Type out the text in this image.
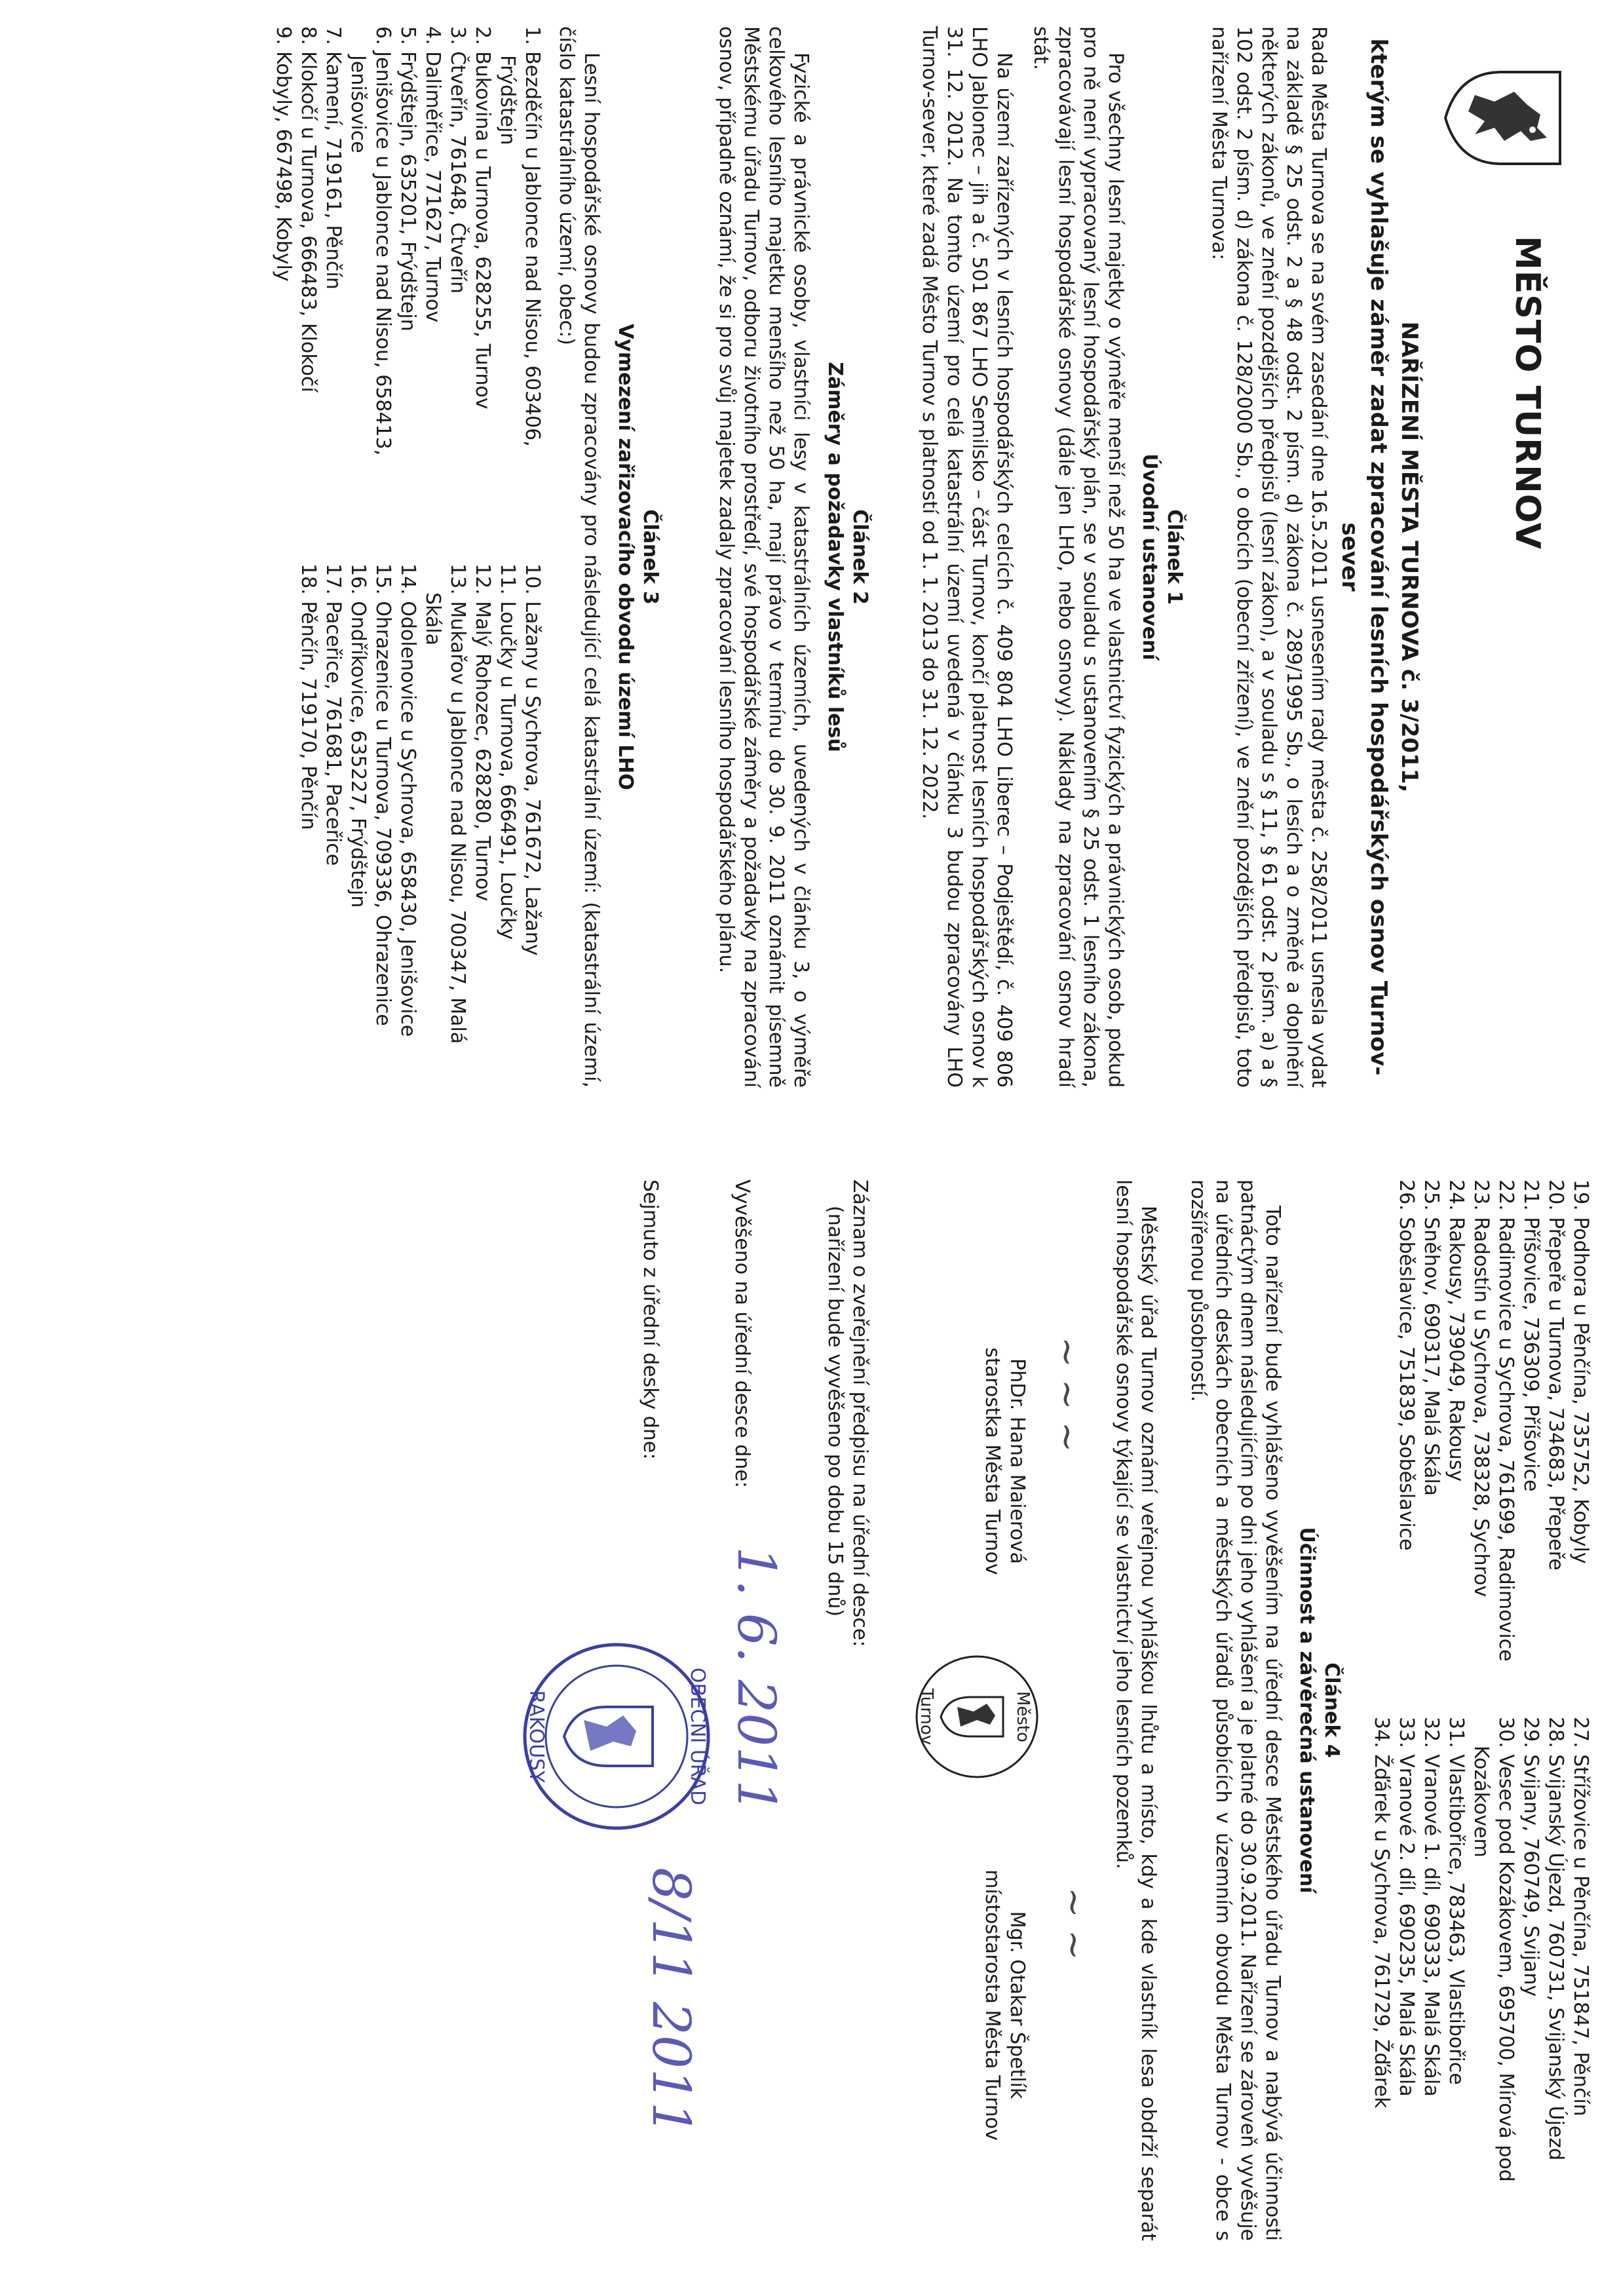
MĚSTO TURNOV
NAŘÍZENÍ MĚSTA TURNOVA č. 3/2011,
kterým se vyhlašuje záměr zadat zpracování lesních hospodářských osnov Turnov-sever
Rada Města Turnova se na svém zasedání dne 16.5.2011 usnesením rady města č. 258/2011 usnesla vydat na základě § 25 odst. 2 a § 48 odst. 2 písm. d) zákona č. 289/1995 Sb., o lesích a o změně a doplnění některých zákonů, ve znění pozdějších předpisů (lesní zákon), a v souladu s § 11, § 61 odst. 2 písm. a) a § 102 odst. 2 písm. d) zákona č. 128/2000 Sb., o obcích (obecní zřízení), ve znění pozdějších předpisů, toto nařízení Města Turnova:
Článek 1
Úvodní ustanovení
Pro všechny lesní majetky o výměře menší než 50 ha ve vlastnictví fyzických a právnických osob, pokud pro ně není vypracovaný lesní hospodářský plán, se v souladu s ustanovením § 25 odst. 1 lesního zákona, zpracovávají lesní hospodářské osnovy (dále jen LHO, nebo osnovy). Náklady na zpracování osnov hradí stát.
Na území zařízených v lesních hospodářských celcích č. 409 804 LHO Liberec – Podještědí, č. 409 806 LHO Jablonec – jih a č. 501 867 LHO Semilsko – část Turnov, končí platnost lesních hospodářských osnov k 31. 12. 2012. Na tomto území pro celá katastrální území uvedená v článku 3 budou zpracovány LHO Turnov-sever, které zadá Město Turnov s platností od 1. 1. 2013 do 31. 12. 2022.
Článek 2
Záměry a požadavky vlastníků lesů
Fyzické a právnické osoby, vlastníci lesy v katastrálních územích, uvedených v článku 3, o výměře celkového lesního majetku menšího než 50 ha, mají právo v termínu do 30. 9. 2011 oznámit písemně Městskému úřadu Turnov, odboru životního prostředí, své hospodářské záměry a požadavky na zpracování osnov, případně oznámí, že si pro svůj majetek zadaly zpracování lesního hospodářského plánu.
Článek 3
Vymezení zařizovacího obvodu území LHO
Lesní hospodářské osnovy budou zpracovány pro následující celá katastrální území: (katastrální území, číslo katastrálního území, obec:)
1. Bezděčín u Jablonce nad Nisou, 603406, Frýdštejn
2. Bukovina u Turnova, 628255, Turnov
3. Čtveřín, 761648, Čtveřín
4. Daliměřice, 771627, Turnov
5. Frýdštejn, 635201, Frýdštejn
6. Jenišovice u Jablonce nad Nisou, 658413, Jenišovice
7. Kamení, 719161, Pěnčín
8. Klokočí u Turnova, 666483, Klokočí
9. Kobyly, 667498, Kobyly
10. Lažany u Sychrova, 761672, Lažany
11. Loučky u Turnova, 666491, Loučky
12. Malý Rohozec, 628280, Turnov
13. Mukařov u Jablonce nad Nisou, 700347, Malá Skála
14. Odolenovice u Sychrova, 658430, Jenišovice
15. Ohrazenice u Turnova, 709336, Ohrazenice
16. Ondříkovice, 635227, Frýdštejn
17. Paceřice, 761681, Paceřice
18. Pěnčín, 719170, Pěnčín
19. Podhora u Pěnčína, 735752, Kobyly
20. Přepeře u Turnova, 734683, Přepeře
21. Příšovice, 736309, Příšovice
22. Radimovice u Sychrova, 761699, Radimovice
23. Radostín u Sychrova, 738328, Sychrov
24. Rakousy, 739049, Rakousy
25. Sněhov, 690317, Malá Skála
26. Soběslavice, 751839, Soběslavice
27. Střížovice u Pěnčína, 751847, Pěnčín
28. Svijanský Újezd, 760731, Svijanský Újezd
29. Svijany, 760749, Svijany
30. Vesec pod Kozákovem, 695700, Mírová pod Kozákovem
31. Vlastibořice, 783463, Vlastibořice
32. Vranové 1. díl, 690333, Malá Skála
33. Vranové 2. díl, 690235, Malá Skála
34. Žďárek u Sychrova, 761729, Žďárek
Článek 4
Účinnost a závěrečná ustanovení
Toto nařízení bude vyhlášeno vyvěšením na úřední desce Městského úřadu Turnov a nabývá účinnosti patnáctým dnem následujícím po dni jeho vyhlášení a je platné do 30.9.2011. Nařízení se zároveň vyvěšuje na úředních deskách obecních a městských úřadů působících v územním obvodu Města Turnov - obce s rozšířenou působností.
Městský úřad Turnov oznámí veřejnou vyhláškou lhůtu a místo, kdy a kde vlastník lesa obdrží separát lesní hospodářské osnovy týkající se vlastnictví jeho lesních pozemků.
~ ~ ~
PhDr. Hana Maierová
starostka Města Turnov
Město
Turnov
~ ~
Mgr. Otakar Špetlík
místostarosta Města Turnov
Záznam o zveřejnění předpisu na úřední desce:
(nařízení bude vyvěšeno po dobu 15 dnů)
Vyvěšeno na úřední desce dne:
1. 6. 2011
Sejmuto z úřední desky dne:
8/11 2011
OBECNÍ ÚŘAD
RAKOUSY
